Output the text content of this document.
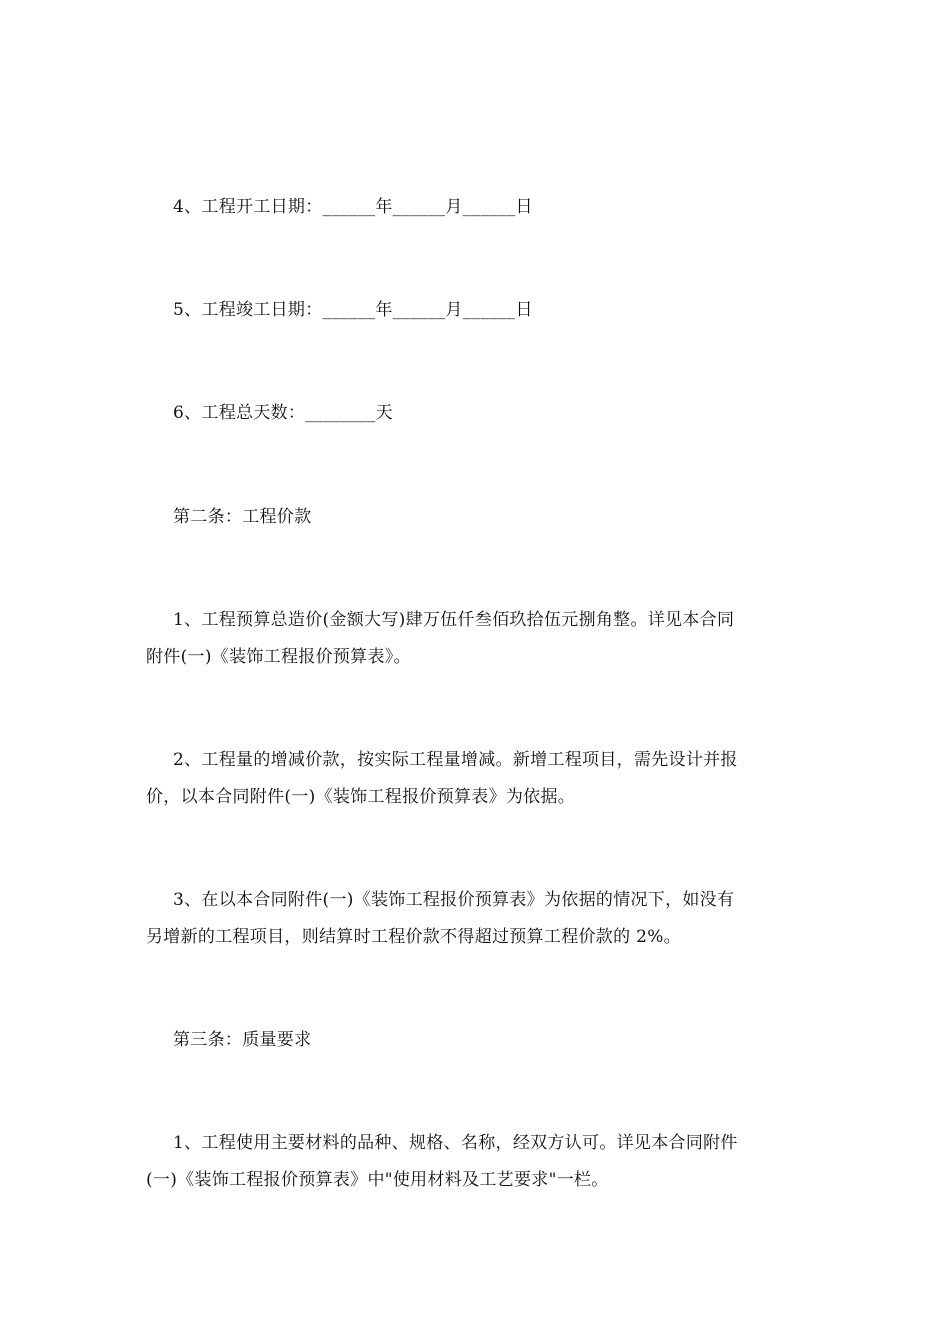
4、工程开工日期：______年______月______日
5、工程竣工日期：______年______月______日
6、工程总天数：________天
第二条：工程价款
1、工程预算总造价(金额大写)肆万伍仟叁佰玖拾伍元捌角整。详见本合同
附件(一)《装饰工程报价预算表》。
2、工程量的增减价款，按实际工程量增减。新增工程项目，需先设计并报
价，以本合同附件(一)《装饰工程报价预算表》为依据。
3、在以本合同附件(一)《装饰工程报价预算表》为依据的情况下，如没有
另增新的工程项目，则结算时工程价款不得超过预算工程价款的 2%。
第三条：质量要求
1、工程使用主要材料的品种、规格、名称，经双方认可。详见本合同附件
(一)《装饰工程报价预算表》中"使用材料及工艺要求"一栏。
